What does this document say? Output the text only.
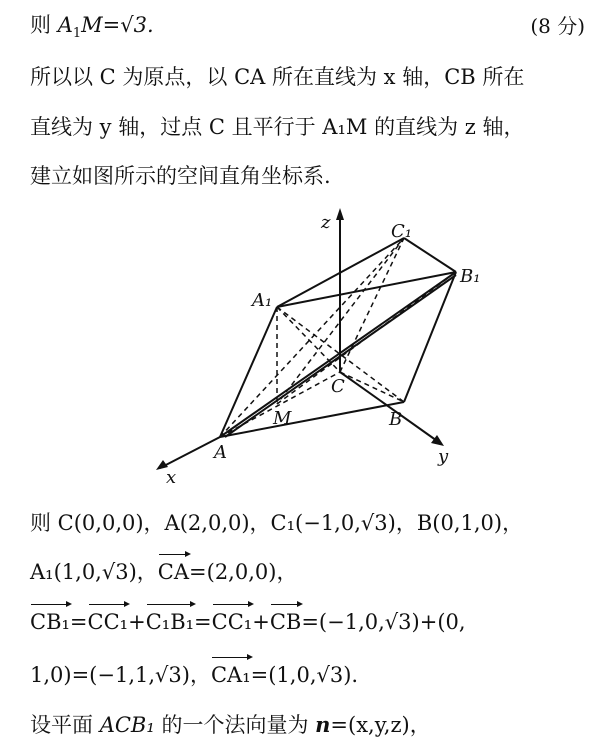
则 $A_1M=√3$.	(8 分)
所以以 C 为原点，以 CA 所在直线为 x 轴，CB 所在
直线为 y 轴，过点 C 且平行于 A₁M 的直线为 z 轴，
建立如图所示的空间直角坐标系.
z	C₁
B₁
A₁
C
M	B
A	y
x
则 C(0,0,0)，A(2,0,0)，C₁(−1,0,√3)，B(0,1,0)，
A₁(1,0,√3)，CA=(2,0,0)，
CB₁=CC₁+C₁B₁=CC₁+CB=(−1,0,√3)+(0,
1,0)=(−1,1,√3)，CA₁=(1,0,√3).
设平面 ACB₁ 的一个法向量为 n=(x,y,z)，
